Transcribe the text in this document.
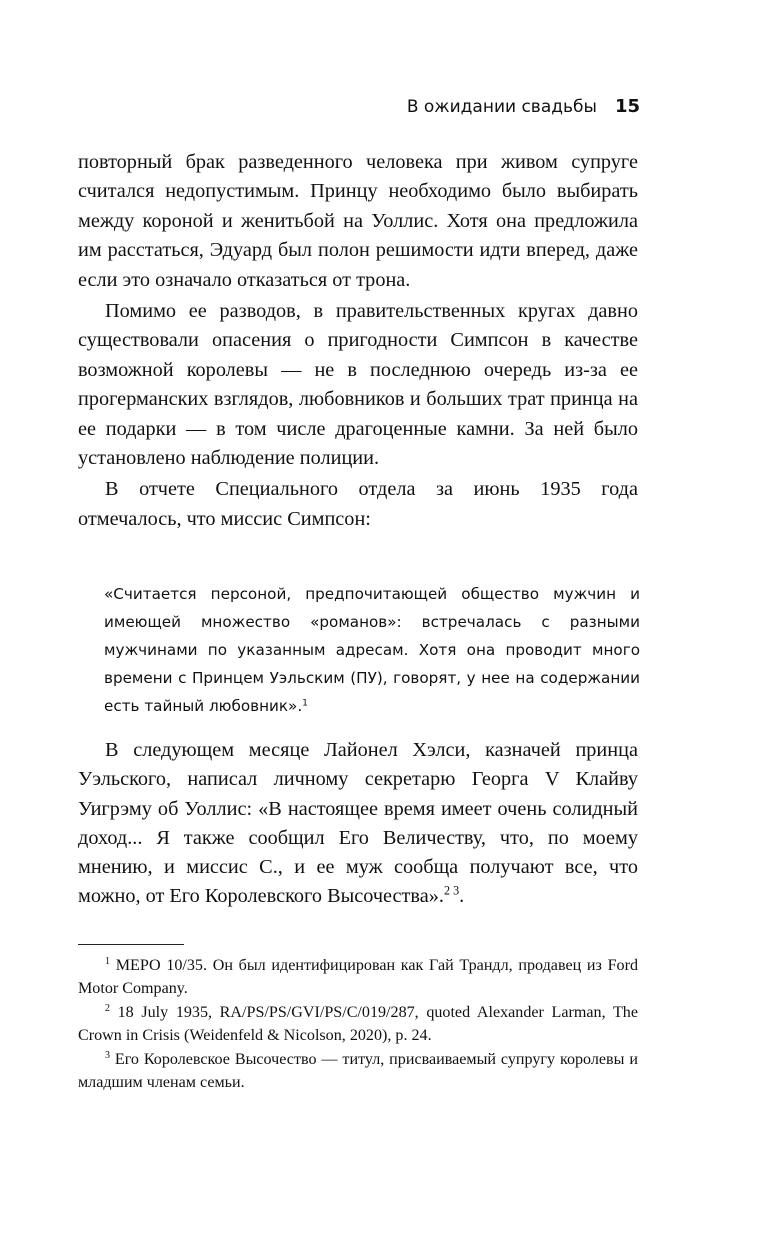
В ожидании свадьбы 15

повторный брак разведенного человека при живом супруге считался недопустимым. Принцу необходимо было выбирать между короной и женитьбой на Уоллис. Хотя она предложила им расстаться, Эдуард был полон решимости идти вперед, даже если это означало отказаться от трона.

Помимо ее разводов, в правительственных кругах давно существовали опасения о пригодности Симпсон в качестве возможной королевы — не в последнюю очередь из-за ее прогерманских взглядов, любовников и больших трат принца на ее подарки — в том числе драгоценные камни. За ней было установлено наблюдение полиции.

В отчете Специального отдела за июнь 1935 года отмечалось, что миссис Симпсон:

«Считается персоной, предпочитающей общество мужчин и имеющей множество «романов»: встречалась с разными мужчинами по указанным адресам. Хотя она проводит много времени с Принцем Уэльским (ПУ), говорят, у нее на содержании есть тайный любовник».$^1$

В следующем месяце Лайонел Хэлси, казначей принца Уэльского, написал личному секретарю Георга V Клайву Уигрэму об Уоллис: «В настоящее время имеет очень солидный доход... Я также сообщил Его Величеству, что, по моему мнению, и миссис С., и ее муж сообща получают все, что можно, от Его Королевского Высочества».$^{2 3}$.

$^1$ МЕРО 10/35. Он был идентифицирован как Гай Трандл, продавец из Ford Motor Company.

$^2$ 18 July 1935, RA/PS/PS/GVI/PS/C/019/287, quoted Alexander Larman, The Crown in Crisis (Weidenfeld & Nicolson, 2020), p. 24.

$^3$ Его Королевское Высочество — титул, присваиваемый супругу королевы и младшим членам семьи.
